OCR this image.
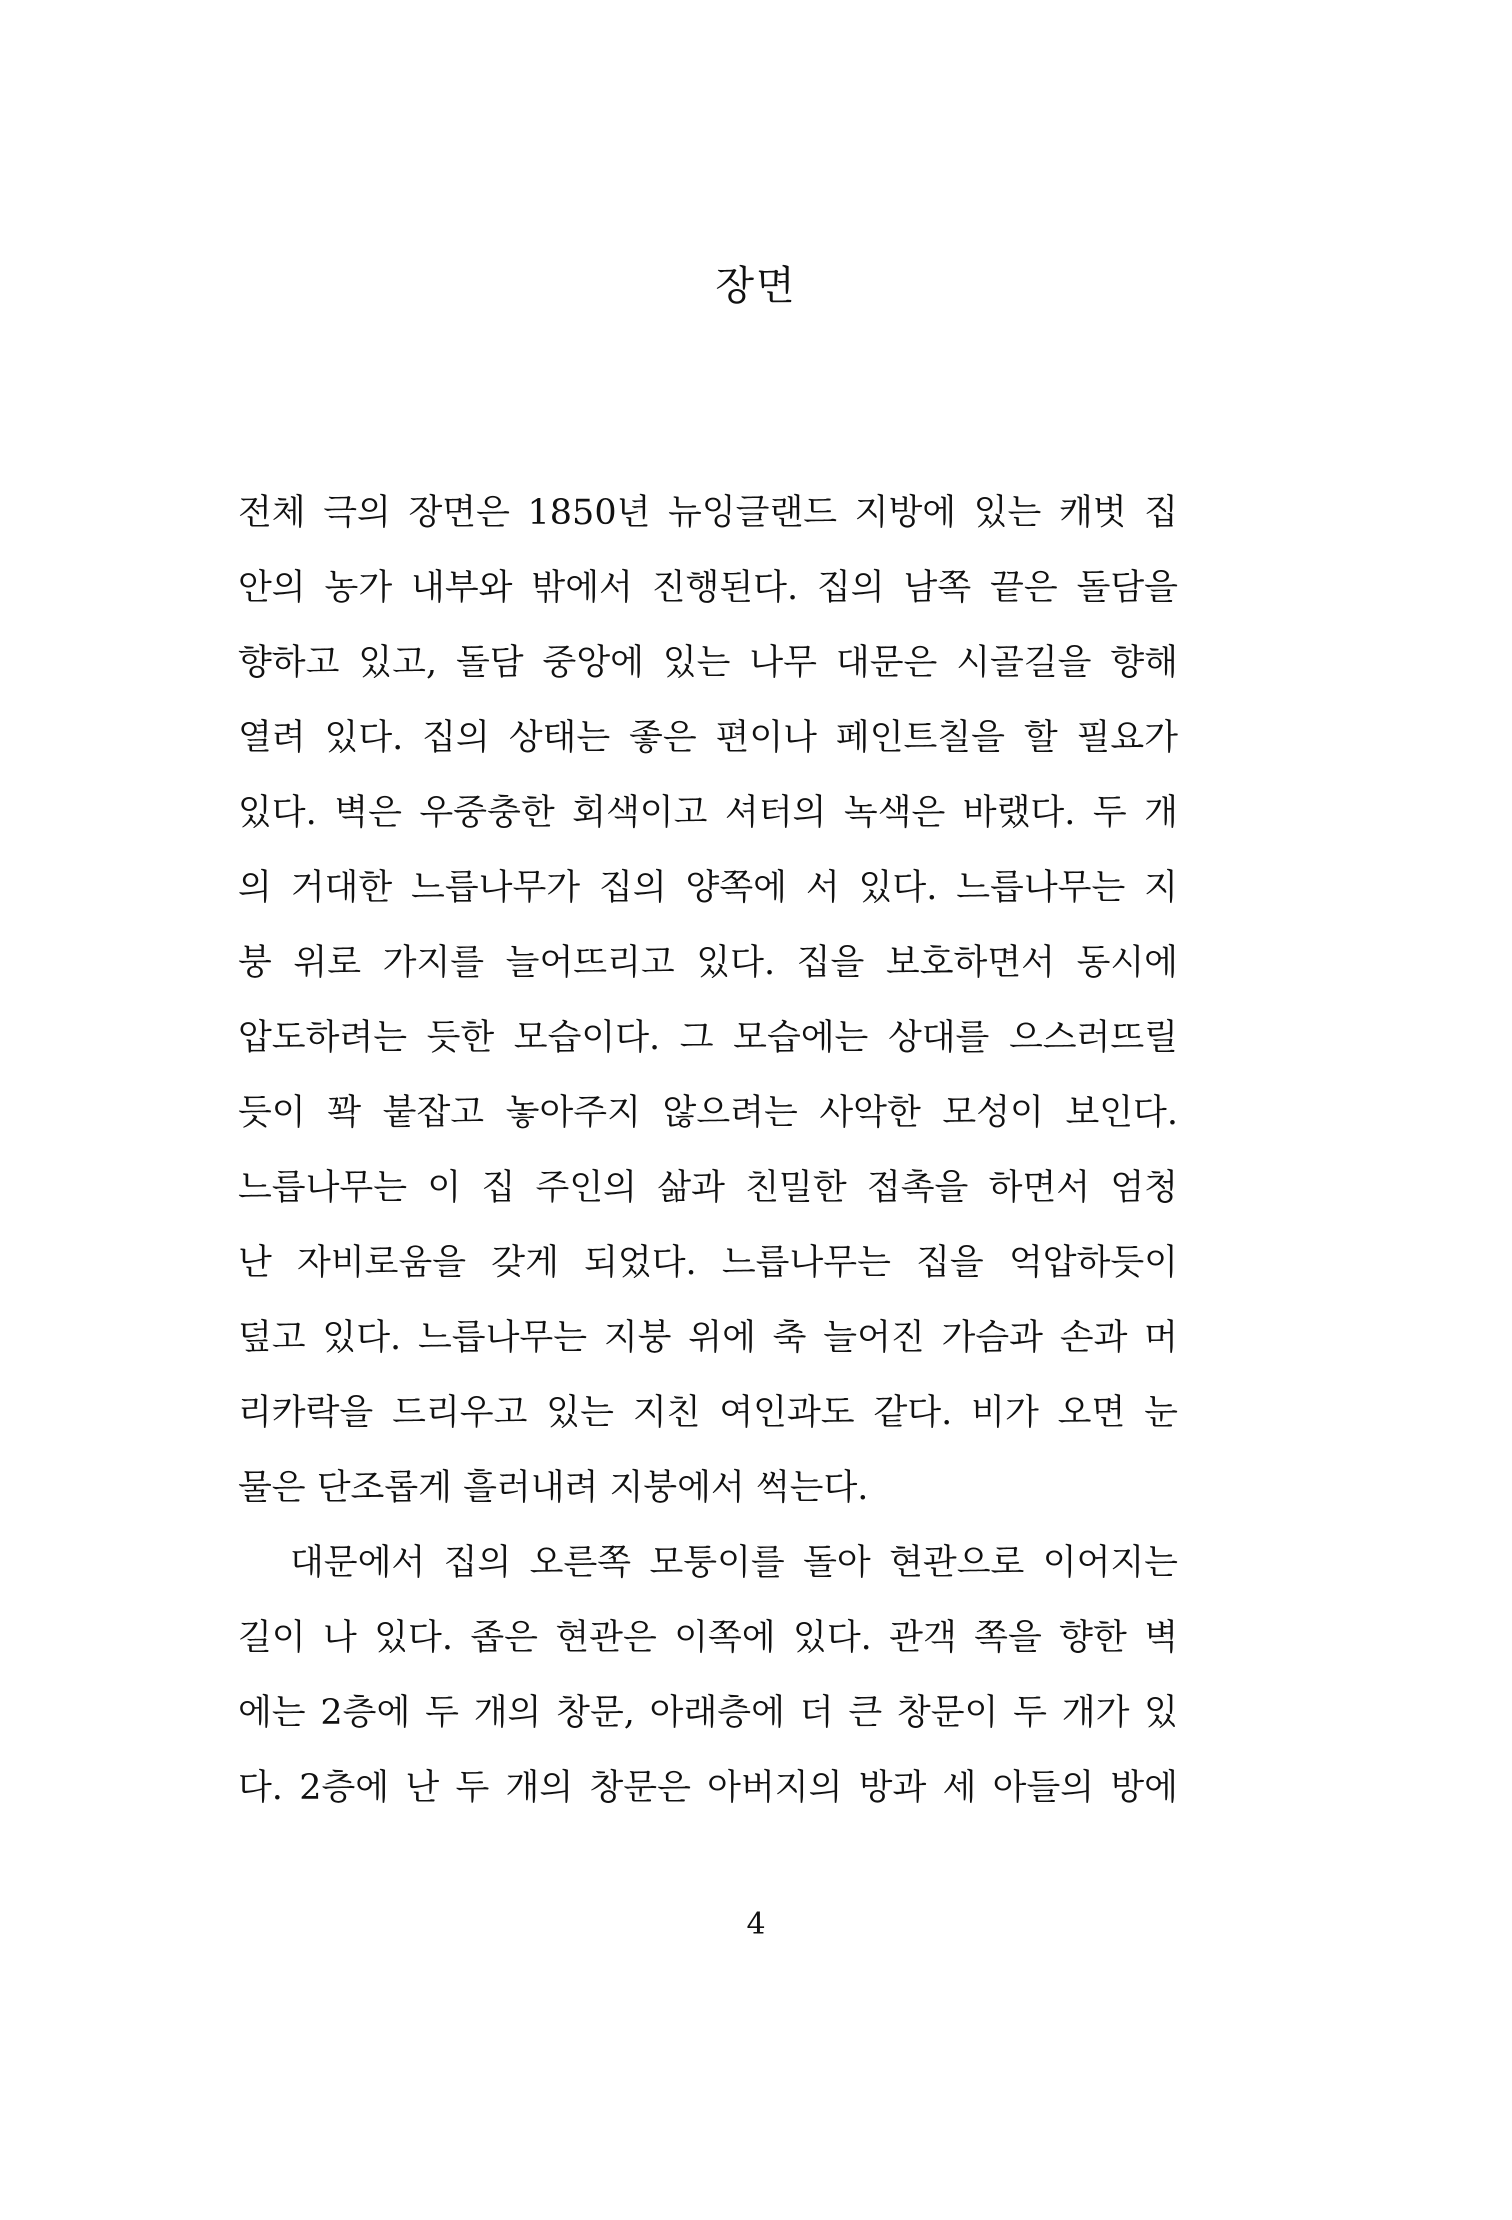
장면
전체 극의 장면은 1850년 뉴잉글랜드 지방에 있는 캐벗 집
안의 농가 내부와 밖에서 진행된다. 집의 남쪽 끝은 돌담을
향하고 있고, 돌담 중앙에 있는 나무 대문은 시골길을 향해
열려 있다. 집의 상태는 좋은 편이나 페인트칠을 할 필요가
있다. 벽은 우중충한 회색이고 셔터의 녹색은 바랬다. 두 개
의 거대한 느릅나무가 집의 양쪽에 서 있다. 느릅나무는 지
붕 위로 가지를 늘어뜨리고 있다. 집을 보호하면서 동시에
압도하려는 듯한 모습이다. 그 모습에는 상대를 으스러뜨릴
듯이 꽉 붙잡고 놓아주지 않으려는 사악한 모성이 보인다.
느릅나무는 이 집 주인의 삶과 친밀한 접촉을 하면서 엄청
난 자비로움을 갖게 되었다. 느릅나무는 집을 억압하듯이
덮고 있다. 느릅나무는 지붕 위에 축 늘어진 가슴과 손과 머
리카락을 드리우고 있는 지친 여인과도 같다. 비가 오면 눈
물은 단조롭게 흘러내려 지붕에서 썩는다.
대문에서 집의 오른쪽 모퉁이를 돌아 현관으로 이어지는
길이 나 있다. 좁은 현관은 이쪽에 있다. 관객 쪽을 향한 벽
에는 2층에 두 개의 창문, 아래층에 더 큰 창문이 두 개가 있
다. 2층에 난 두 개의 창문은 아버지의 방과 세 아들의 방에
4
